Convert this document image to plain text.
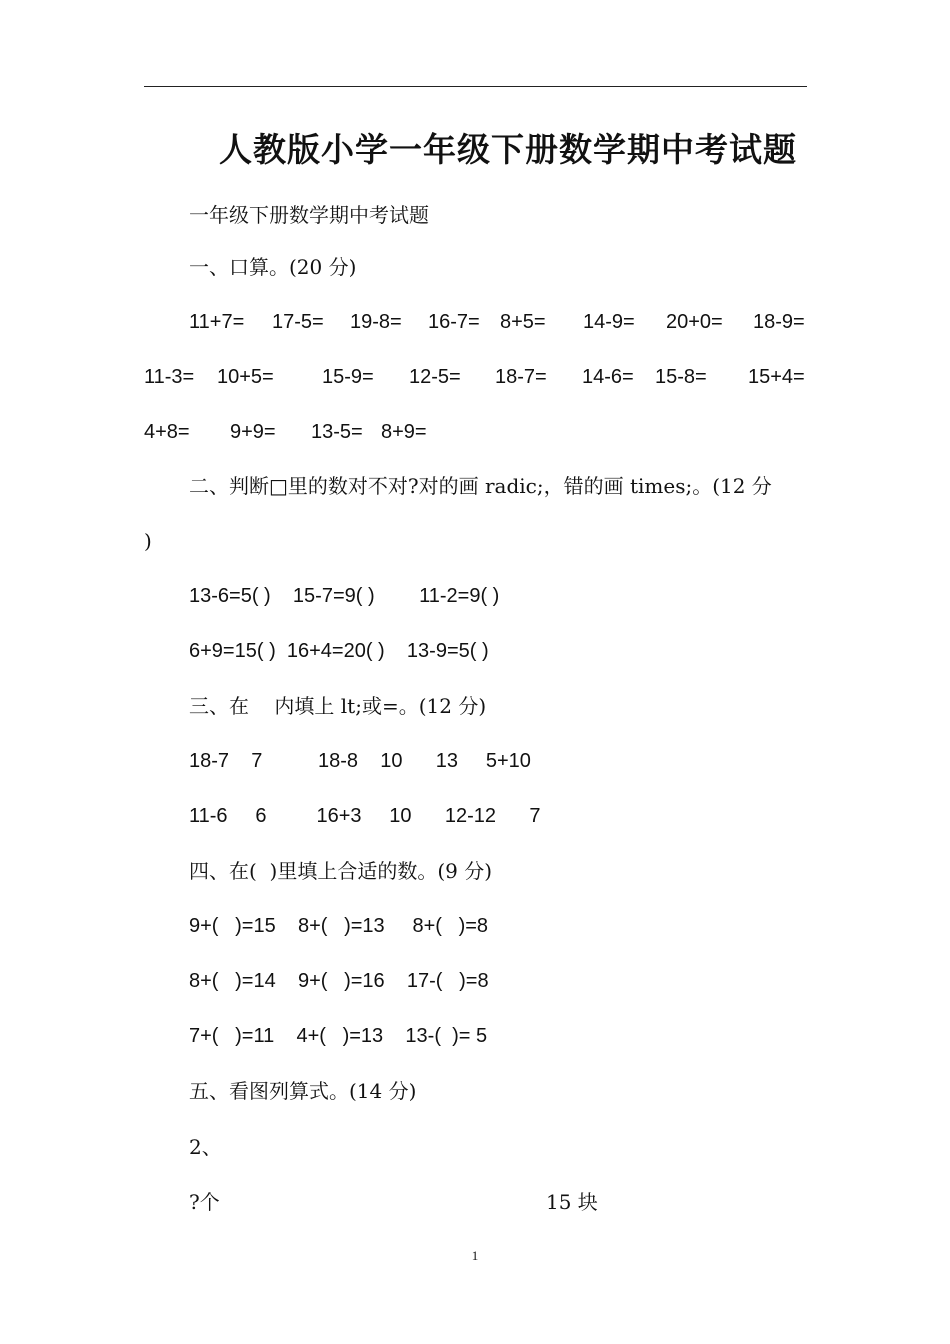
人教版小学一年级下册数学期中考试题
一年级下册数学期中考试题
一、口算。(20 分)
11+7= 17-5= 19-8= 16-7= 8+5= 14-9= 20+0= 18-9=
11-3= 10+5= 15-9= 12-5= 18-7= 14-6= 15-8= 15+4=
4+8= 9+9= 13-5= 8+9=
二、判断□里的数对不对?对的画 radic;，错的画 times;。(12 分
)
13-6=5( )    15-7=9( )        11-2=9( )
6+9=15( )  16+4=20( )    13-9=5( )
三、在    内填上 lt;或=。(12 分)
18-7    7          18-8    10      13     5+10
11-6     6         16+3     10      12-12      7
四、在(  )里填上合适的数。(9 分)
9+(   )=15    8+(   )=13     8+(   )=8
8+(   )=14    9+(   )=16    17-(   )=8
7+(   )=11    4+(   )=13    13-(  )= 5
五、看图列算式。(14 分)
2、
?个	15 块
1
